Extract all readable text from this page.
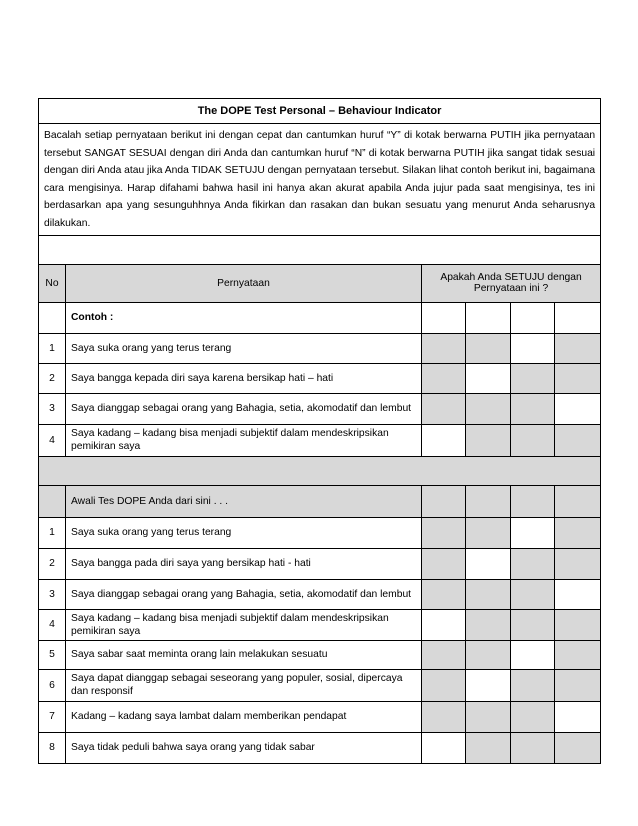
The DOPE Test Personal – Behaviour Indicator					
Bacalah setiap pernyataan berikut ini dengan cepat dan cantumkan huruf “Y” di kotak berwarna PUTIH jika pernyataan tersebut SANGAT SESUAI dengan diri Anda dan cantumkan huruf “N” di kotak berwarna PUTIH jika sangat tidak sesuai dengan diri Anda atau jika Anda TIDAK SETUJU dengan pernyataan tersebut. Silakan lihat contoh berikut ini, bagaimana cara mengisinya. Harap difahami bahwa hasil ini hanya akan akurat apabila Anda jujur pada saat mengisinya, tes ini berdasarkan apa yang sesunguhhnya Anda fikirkan dan rasakan dan bukan sesuatu yang menurut Anda seharusnya dilakukan.					

No	Pernyataan	Apakah Anda SETUJU dengan Pernyataan ini ?			
	Contoh :				
1	Saya suka orang yang terus terang				
2	Saya bangga kepada diri saya karena bersikap hati – hati				
3	Saya dianggap sebagai orang yang Bahagia, setia, akomodatif dan lembut				
4	Saya kadang – kadang bisa menjadi subjektif dalam mendeskripsikan pemikiran saya				

	Awali Tes DOPE Anda dari sini . . .				
1	Saya suka orang yang terus terang				
2	Saya bangga pada diri saya yang bersikap hati - hati				
3	Saya dianggap sebagai orang yang Bahagia, setia, akomodatif dan lembut				
4	Saya kadang – kadang bisa menjadi subjektif dalam mendeskripsikan pemikiran saya				
5	Saya sabar saat meminta orang lain melakukan sesuatu				
6	Saya dapat dianggap sebagai seseorang yang populer, sosial, dipercaya dan responsif				
7	Kadang – kadang saya lambat dalam memberikan pendapat				
8	Saya tidak peduli bahwa saya orang yang tidak sabar				
